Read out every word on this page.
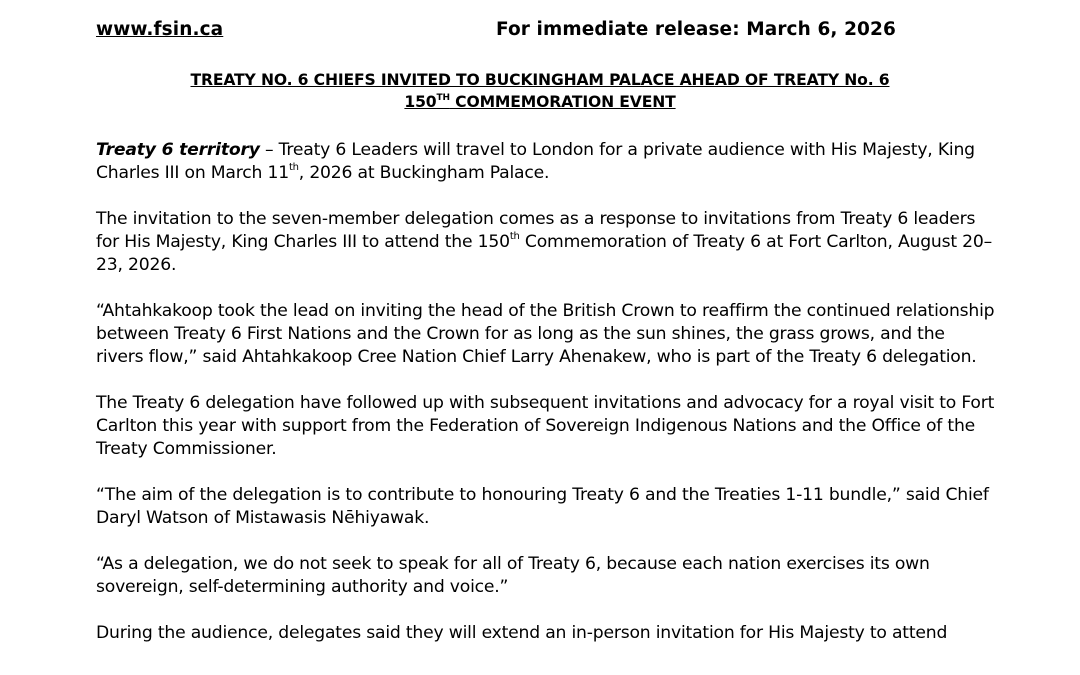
www.fsin.ca	For immediate release: March 6, 2026
TREATY NO. 6 CHIEFS INVITED TO BUCKINGHAM PALACE AHEAD OF TREATY No. 6
150TH COMMEMORATION EVENT

Treaty 6 territory – Treaty 6 Leaders will travel to London for a private audience with His Majesty, King Charles III on March 11th, 2026 at Buckingham Palace.

The invitation to the seven-member delegation comes as a response to invitations from Treaty 6 leaders for His Majesty, King Charles III to attend the 150th Commemoration of Treaty 6 at Fort Carlton, August 20–23, 2026.

“Ahtahkakoop took the lead on inviting the head of the British Crown to reaffirm the continued relationship between Treaty 6 First Nations and the Crown for as long as the sun shines, the grass grows, and the rivers flow,” said Ahtahkakoop Cree Nation Chief Larry Ahenakew, who is part of the Treaty 6 delegation.

The Treaty 6 delegation have followed up with subsequent invitations and advocacy for a royal visit to Fort Carlton this year with support from the Federation of Sovereign Indigenous Nations and the Office of the Treaty Commissioner.

“The aim of the delegation is to contribute to honouring Treaty 6 and the Treaties 1-11 bundle,” said Chief Daryl Watson of Mistawasis Nēhiyawak.

“As a delegation, we do not seek to speak for all of Treaty 6, because each nation exercises its own sovereign, self-determining authority and voice.”

During the audience, delegates said they will extend an in-person invitation for His Majesty to attend
